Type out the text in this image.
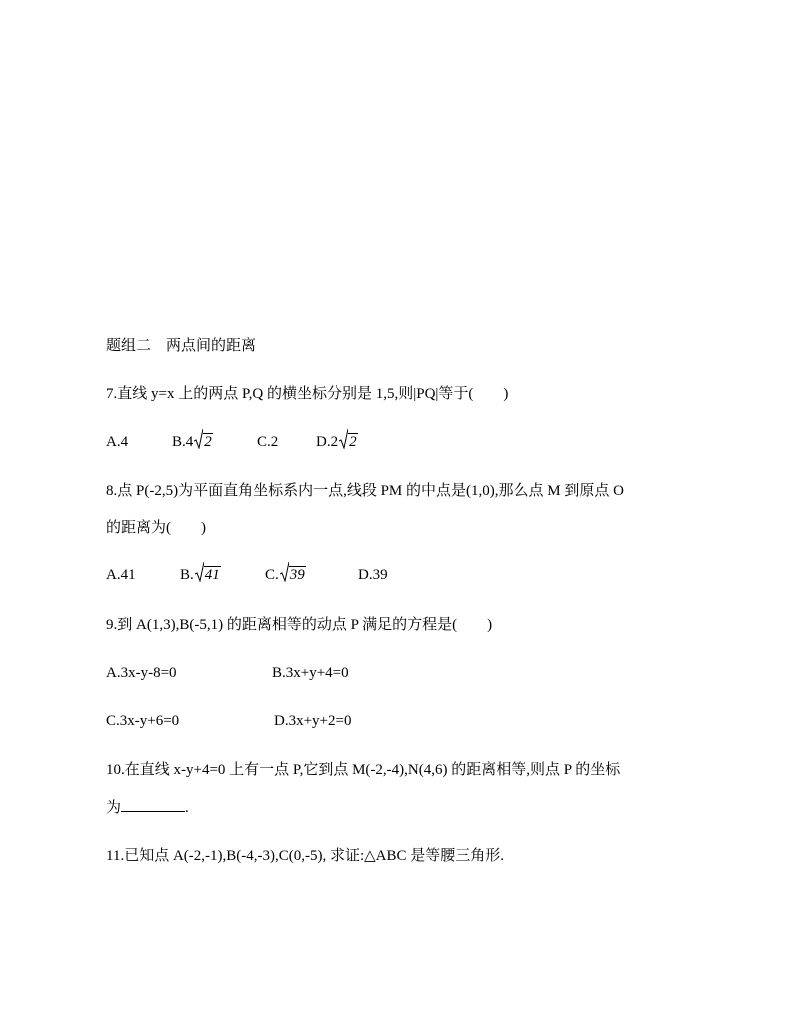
题组二　两点间的距离
7.直线 y=x 上的两点 P,Q 的横坐标分别是 1,5,则|PQ|等于(　　)
A.4	B.4 2	C.2	D.2 2
8.点 P(-2,5)为平面直角坐标系内一点,线段 PM 的中点是(1,0),那么点 M 到原点 O
的距离为(　　)
A.41	B. 41	C. 39	D.39
9.到 A(1,3),B(-5,1) 的距离相等的动点 P 满足的方程是(　　)
A.3x-y-8=0	B.3x+y+4=0
C.3x-y+6=0	D.3x+y+2=0
10.在直线 x-y+4=0 上有一点 P,它到点 M(-2,-4),N(4,6) 的距离相等,则点 P 的坐标
为	.
11.已知点 A(-2,-1),B(-4,-3),C(0,-5), 求证:△ABC 是等腰三角形.
